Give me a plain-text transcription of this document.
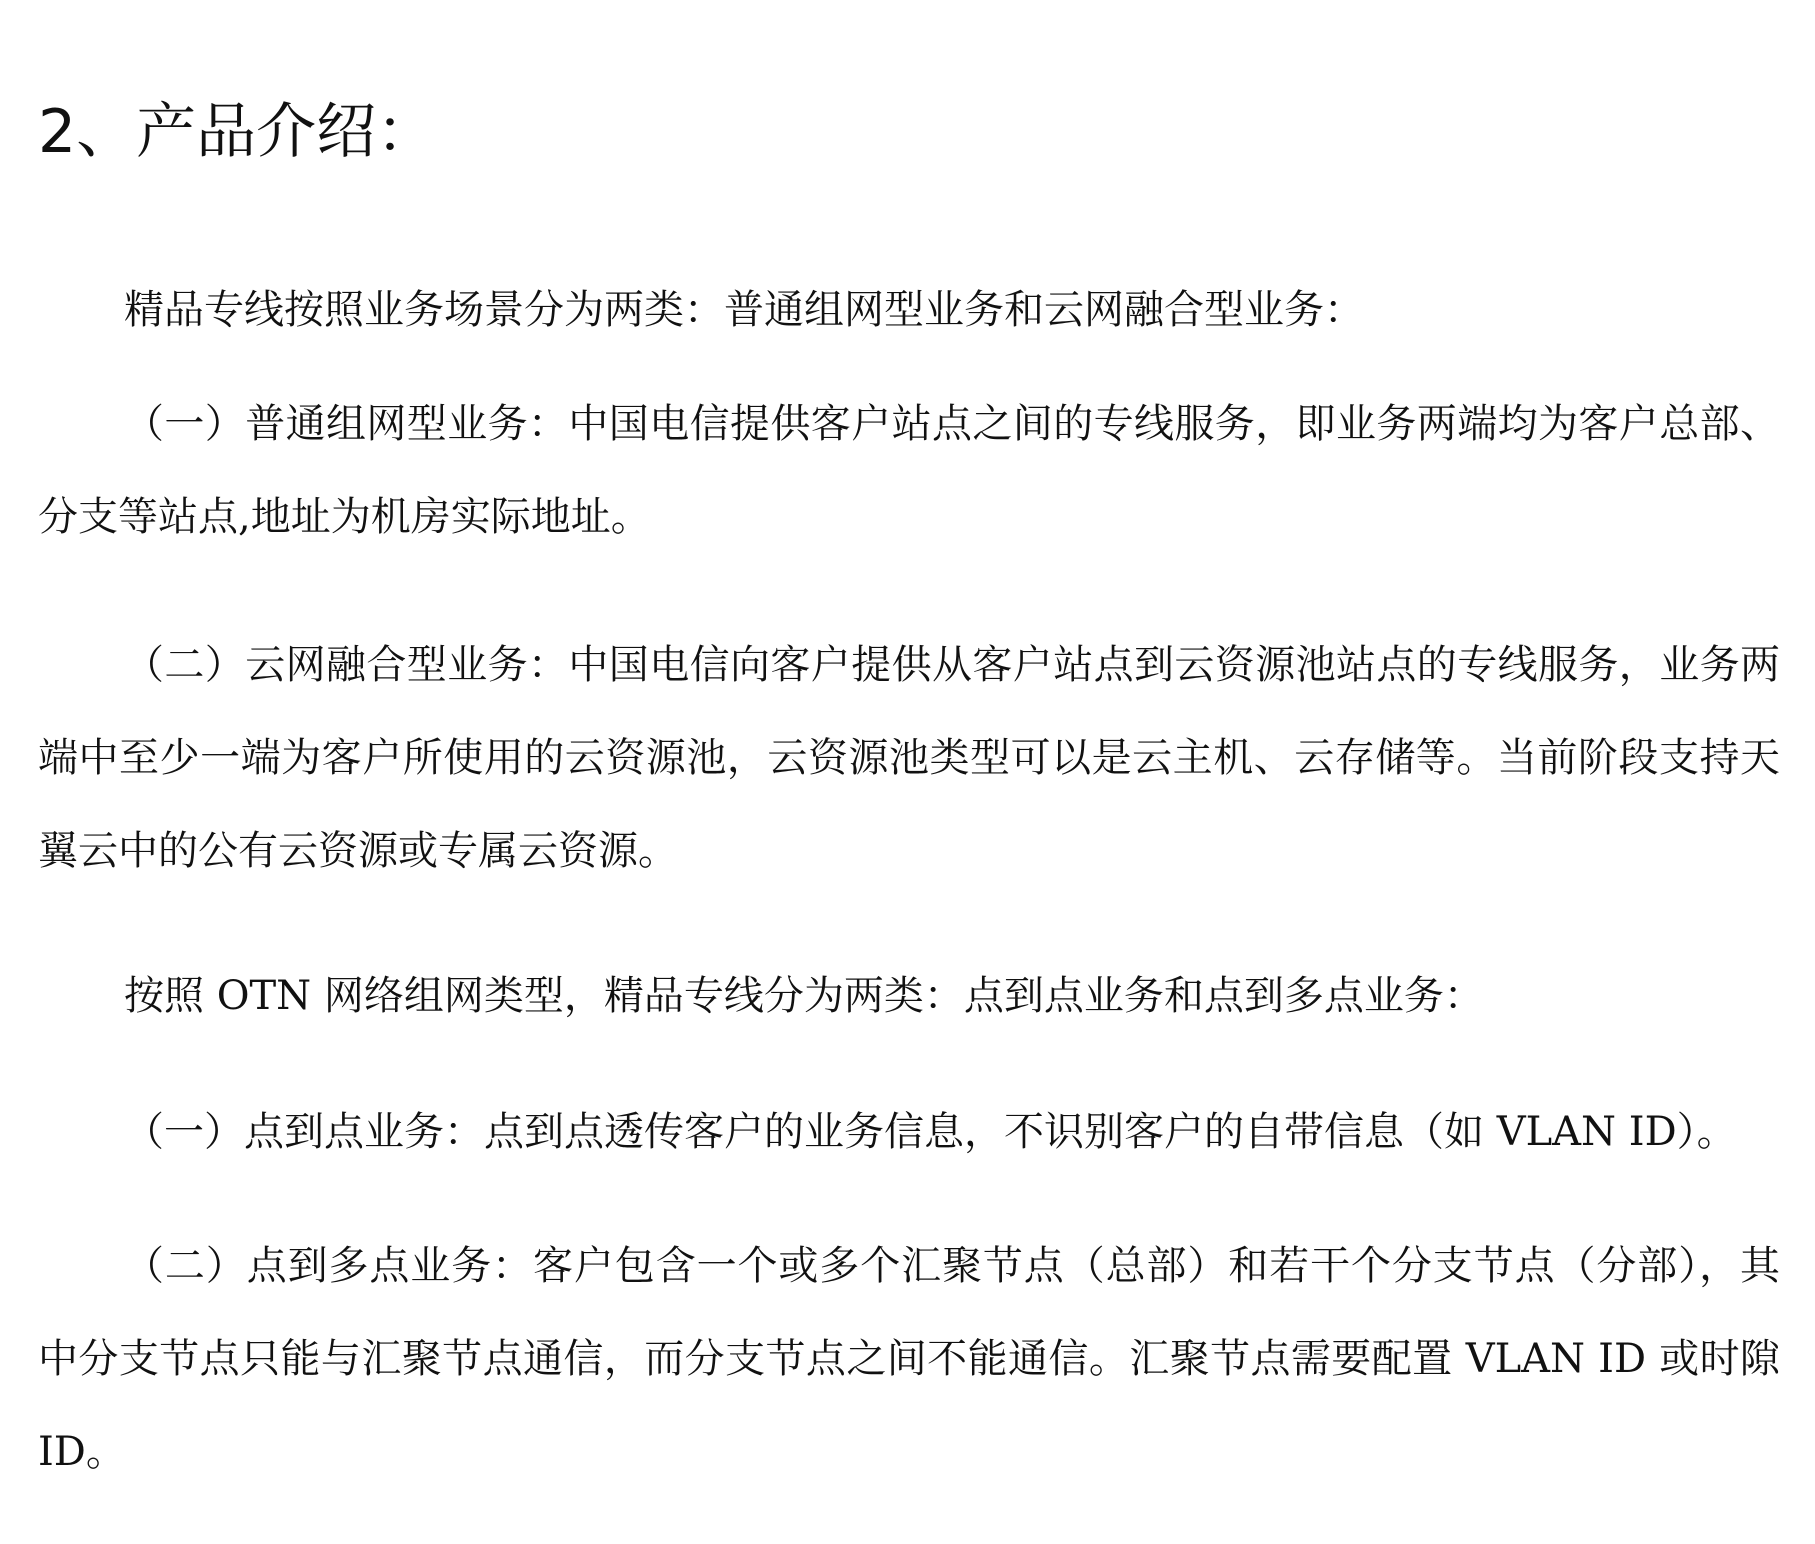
2、产品介绍：

精品专线按照业务场景分为两类：普通组网型业务和云网融合型业务：

（一）普通组网型业务：中国电信提供客户站点之间的专线服务，即业务两端均为客户总部、分支等站点,地址为机房实际地址。

（二）云网融合型业务：中国电信向客户提供从客户站点到云资源池站点的专线服务，业务两端中至少一端为客户所使用的云资源池，云资源池类型可以是云主机、云存储等。当前阶段支持天翼云中的公有云资源或专属云资源。

按照 OTN 网络组网类型，精品专线分为两类：点到点业务和点到多点业务：

（一）点到点业务：点到点透传客户的业务信息，不识别客户的自带信息（如 VLAN ID）。

（二）点到多点业务：客户包含一个或多个汇聚节点（总部）和若干个分支节点（分部），其中分支节点只能与汇聚节点通信，而分支节点之间不能通信。汇聚节点需要配置 VLAN ID 或时隙 ID。
